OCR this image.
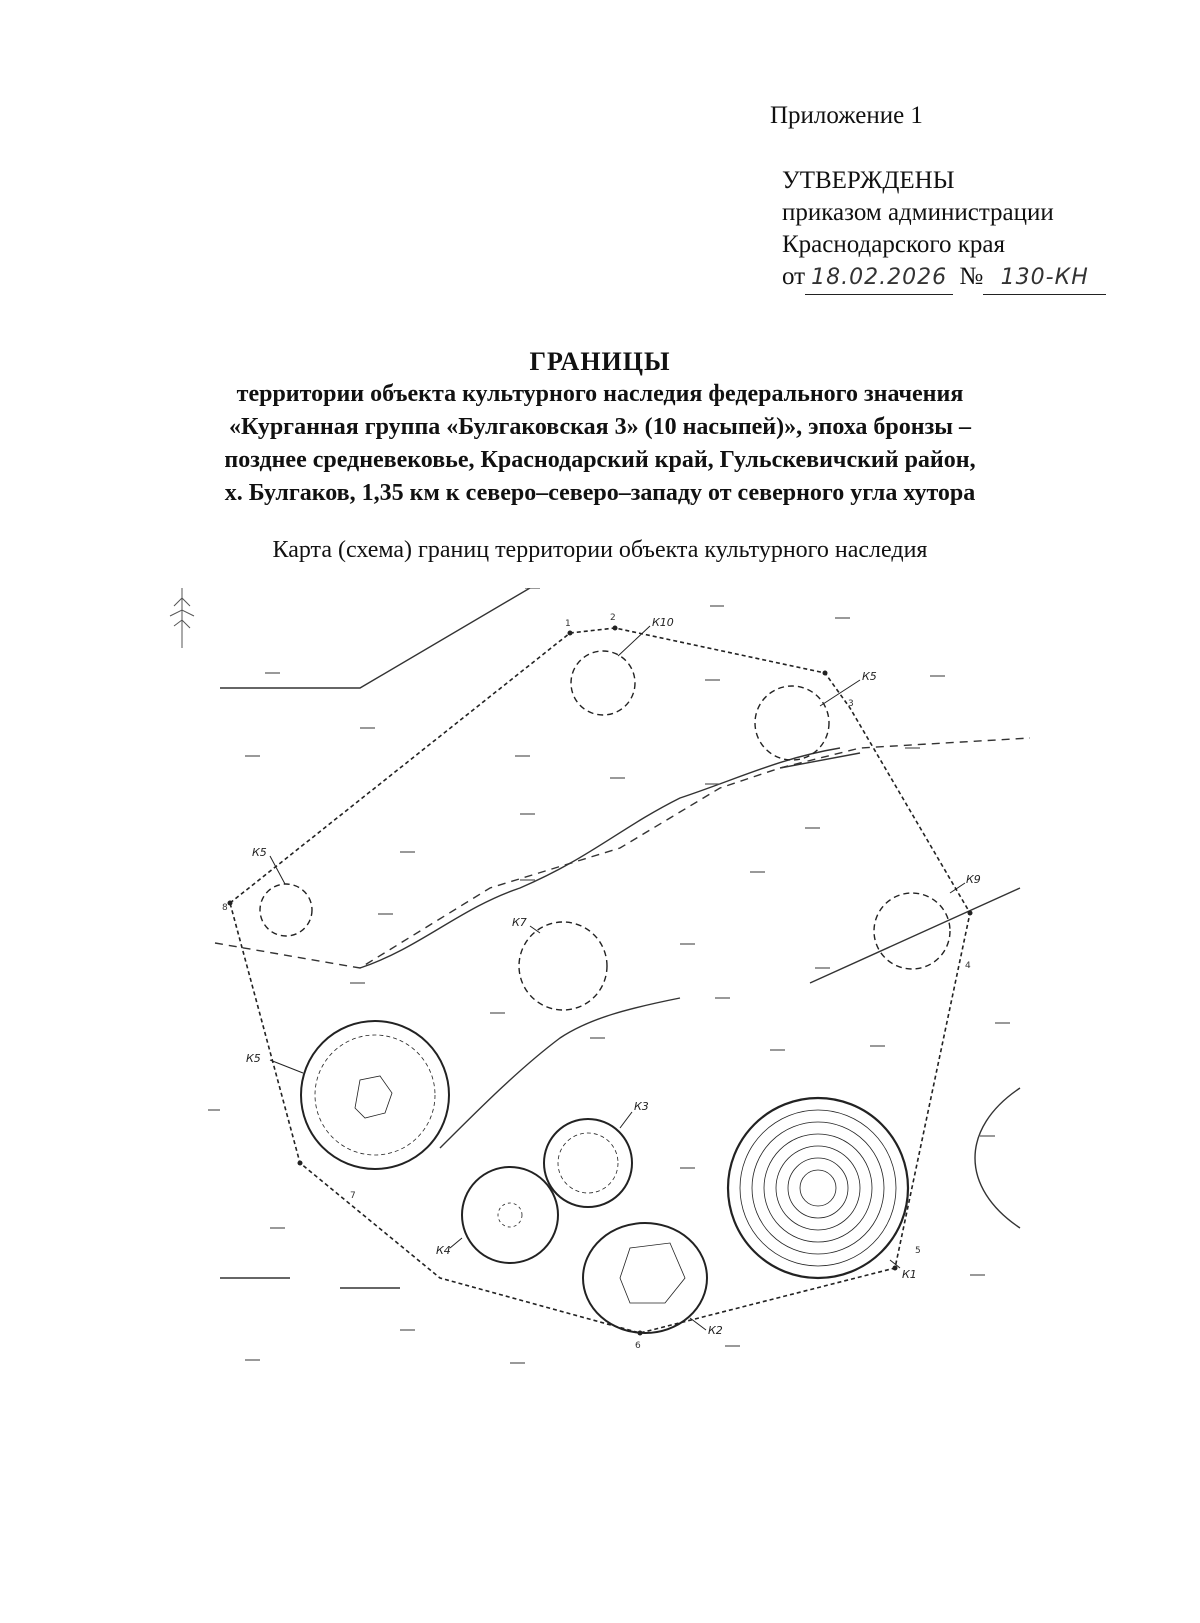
Приложение 1
УТВЕРЖДЕНЫ
приказом администрации
Краснодарского края
от 18.02.2026 № 130-КН
ГРАНИЦЫ
территории объекта культурного наследия федерального значения
«Курганная группа «Булгаковская 3» (10 насыпей)», эпоха бронзы –
позднее средневековье, Краснодарский край, Гульскевичский район,
х. Булгаков, 1,35 км к северо–северо–западу от северного угла хутора
Карта (схема) границ территории объекта культурного наследия
1
2
3
4
5
6
7
8
К10
К5
К5
К7
К9
К5
К3
К4
К2
К1
